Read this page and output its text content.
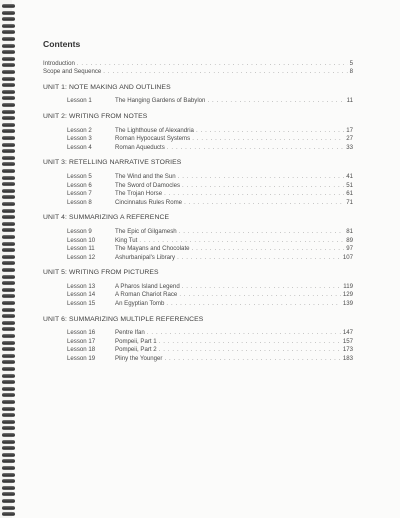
Contents
Introduction . . .	5
Scope and Sequence . . .	8
UNIT 1: NOTE MAKING AND OUTLINES
Lesson 1	The Hanging Gardens of Babylon . . .	11
UNIT 2: WRITING FROM NOTES
Lesson 2	The Lighthouse of Alexandria . . .	17
Lesson 3	Roman Hypocaust Systems . . .	27
Lesson 4	Roman Aqueducts . . .	33
UNIT 3: RETELLING NARRATIVE STORIES
Lesson 5	The Wind and the Sun . . .	41
Lesson 6	The Sword of Damocles . . .	51
Lesson 7	The Trojan Horse . . .	61
Lesson 8	Cincinnatus Rules Rome . . .	71
UNIT 4: SUMMARIZING A REFERENCE
Lesson 9	The Epic of Gilgamesh . . .	81
Lesson 10	King Tut . . .	89
Lesson 11	The Mayans and Chocolate . . .	97
Lesson 12	Ashurbanipal's Library . . .	107
UNIT 5: WRITING FROM PICTURES
Lesson 13	A Pharos Island Legend . . .	119
Lesson 14	A Roman Chariot Race . . .	129
Lesson 15	An Egyptian Tomb . . .	139
UNIT 6: SUMMARIZING MULTIPLE REFERENCES
Lesson 16	Pentre Ifan . . .	147
Lesson 17	Pompeii, Part 1 . . .	157
Lesson 18	Pompeii, Part 2 . . .	173
Lesson 19	Pliny the Younger . . .	183
